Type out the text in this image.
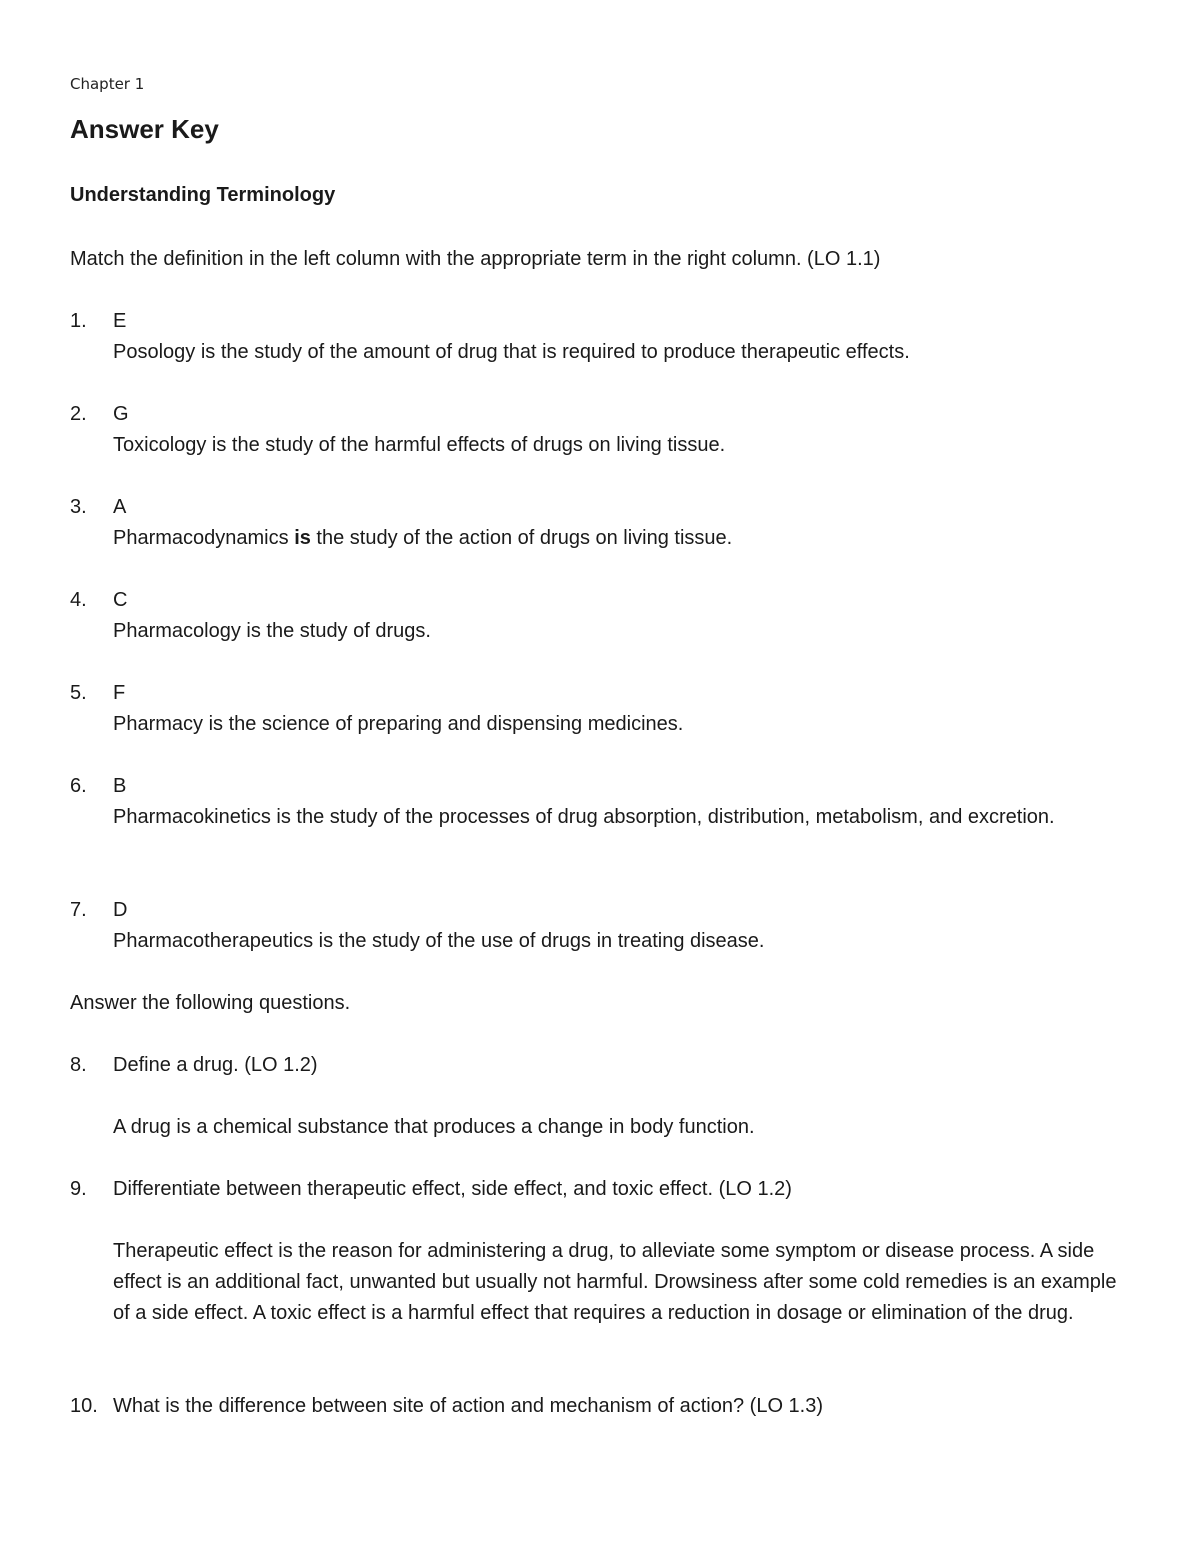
Chapter 1
Answer Key
Understanding Terminology

Match the definition in the left column with the appropriate term in the right column. (LO 1.1)

1. E
Posology is the study of the amount of drug that is required to produce therapeutic effects.
2. G
Toxicology is the study of the harmful effects of drugs on living tissue.
3. A
Pharmacodynamics is the study of the action of drugs on living tissue.
4. C
Pharmacology is the study of drugs.
5. F
Pharmacy is the science of preparing and dispensing medicines.
6. B
Pharmacokinetics is the study of the processes of drug absorption, distribution, metabolism, and excretion.
7. D
Pharmacotherapeutics is the study of the use of drugs in treating disease.

Answer the following questions.

8. Define a drug. (LO 1.2)
A drug is a chemical substance that produces a change in body function.
9. Differentiate between therapeutic effect, side effect, and toxic effect. (LO 1.2)
Therapeutic effect is the reason for administering a drug, to alleviate some symptom or disease process. A side effect is an additional fact, unwanted but usually not harmful. Drowsiness after some cold remedies is an example of a side effect. A toxic effect is a harmful effect that requires a reduction in dosage or elimination of the drug.
10. What is the difference between site of action and mechanism of action? (LO 1.3)
